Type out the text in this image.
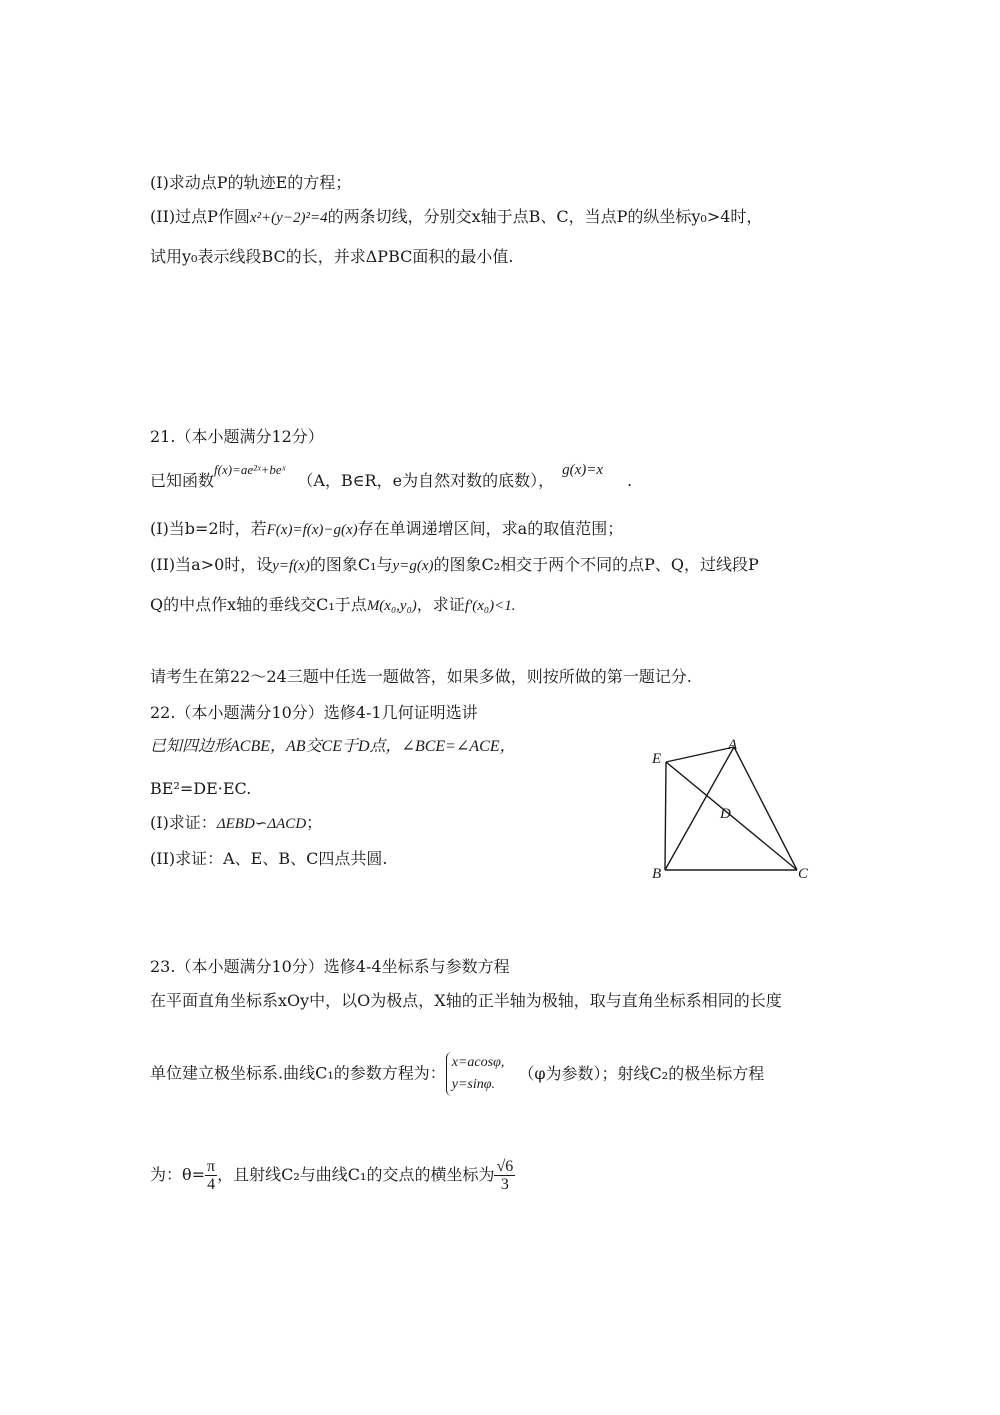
(Ⅰ)求动点P的轨迹E的方程；
(II)过点P作圆x²+(y−2)²=4的两条切线，分别交x轴于点B、C，当点P的纵坐标y₀>4时，
试用y₀表示线段BC的长，并求ΔPBC面积的最小值.
21.（本小题满分12分）
已知函数$^{f(x)=ae^2ˣ+beˣ}$（A，B∈R，e为自然对数的底数），g(x)=x.
(Ⅰ)当b=2时，若F(x)=f(x)−g(x)存在单调递增区间，求a的取值范围；
(II)当a>0时，设y=f(x)的图象C₁与y=g(x)的图象C₂相交于两个不同的点P、Q，过线段P
Q的中点作x轴的垂线交C₁于点M(x₀,y₀)，求证f′(x₀)<1.
请考生在第22〜24三题中任选一题做答，如果多做，则按所做的第一题记分.
22.（本小题满分10分）选修4-1几何证明选讲
已知四边形ACBE，AB交CE于D点，∠BCE=∠ACE，
BE²=DE·EC.
(Ⅰ)求证：ΔEBD∽ΔACD；
(II)求证：A、E、B、C四点共圆.
A
E
D
B	C
23.（本小题满分10分）选修4-4坐标系与参数方程
在平面直角坐标系xOy中，以O为极点，X轴的正半轴为极轴，取与直角坐标系相同的长度
单位建立极坐标系.曲线C₁的参数方程为：
x=acosφ,
y=sinφ.
（φ为参数）；射线C₂的极坐标方程
为：$\theta= \frac{\pi}{4}$ ，且射线C₂与曲线C₁的交点的横坐标为 $\frac{√6}{3}$
